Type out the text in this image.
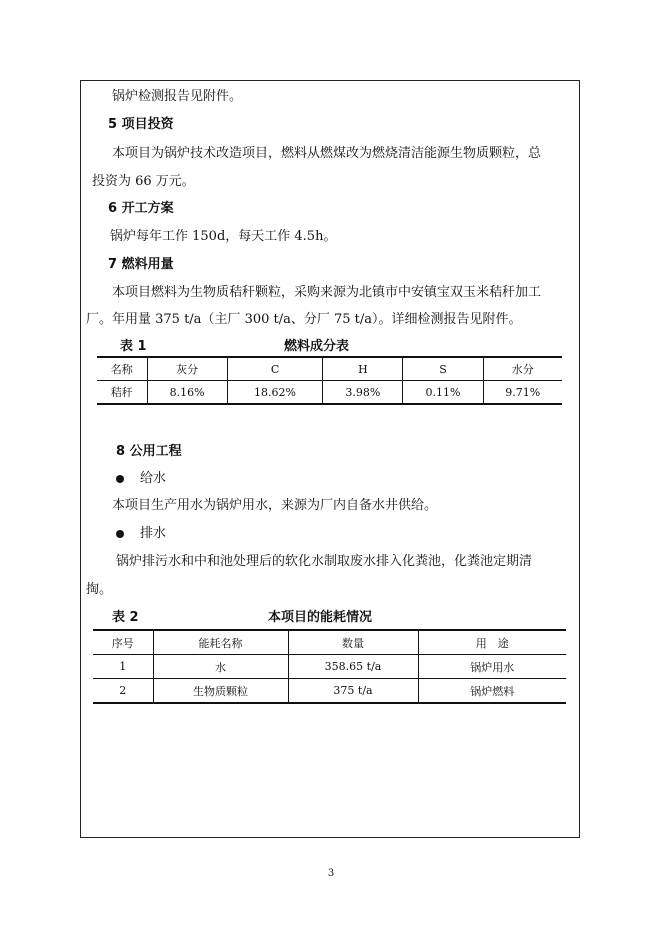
锅炉检测报告见附件。
5 项目投资
本项目为锅炉技术改造项目，燃料从燃煤改为燃烧清洁能源生物质颗粒，总
投资为 66 万元。
6 开工方案
锅炉每年工作 150d，每天工作 4.5h。
7 燃料用量
本项目燃料为生物质秸秆颗粒，采购来源为北镇市中安镇宝双玉米秸秆加工
厂。年用量 375 t/a（主厂 300 t/a、分厂 75 t/a）。详细检测报告见附件。
表 1	燃料成分表
名称	灰分	C	H	S	水分
秸秆	8.16%	18.62%	3.98%	0.11%	9.71%
8 公用工程
给水
本项目生产用水为锅炉用水，来源为厂内自备水井供给。
排水
锅炉排污水和中和池处理后的软化水制取废水排入化粪池，化粪池定期清
掏。
表 2	本项目的能耗情况
序号	能耗名称	数量	用　途
1	水	358.65 t/a	锅炉用水
2	生物质颗粒	375 t/a	锅炉燃料
3
